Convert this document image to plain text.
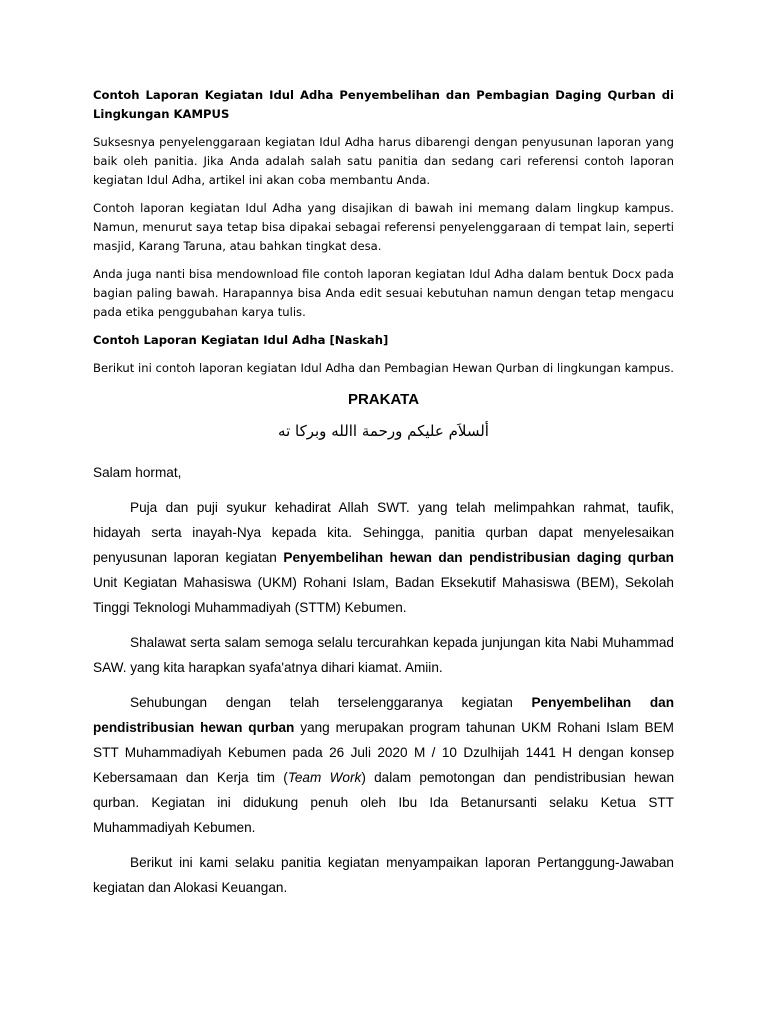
Contoh Laporan Kegiatan Idul Adha Penyembelihan dan Pembagian Daging Qurban di Lingkungan KAMPUS

Suksesnya penyelenggaraan kegiatan Idul Adha harus dibarengi dengan penyusunan laporan yang baik oleh panitia. Jika Anda adalah salah satu panitia dan sedang cari referensi contoh laporan kegiatan Idul Adha, artikel ini akan coba membantu Anda.

Contoh laporan kegiatan Idul Adha yang disajikan di bawah ini memang dalam lingkup kampus. Namun, menurut saya tetap bisa dipakai sebagai referensi penyelenggaraan di tempat lain, seperti masjid, Karang Taruna, atau bahkan tingkat desa.

Anda juga nanti bisa mendownload file contoh laporan kegiatan Idul Adha dalam bentuk Docx pada bagian paling bawah. Harapannya bisa Anda edit sesuai kebutuhan namun dengan tetap mengacu pada etika penggubahan karya tulis.

Contoh Laporan Kegiatan Idul Adha [Naskah]

Berikut ini contoh laporan kegiatan Idul Adha dan Pembagian Hewan Qurban di lingkungan kampus.

PRAKATA
ألسلاَم عليكم ورحمة االله وبركا ته

Salam hormat,

Puja dan puji syukur kehadirat Allah SWT. yang telah melimpahkan rahmat, taufik, hidayah serta inayah-Nya kepada kita. Sehingga, panitia qurban dapat menyelesaikan penyusunan laporan kegiatan Penyembelihan hewan dan pendistribusian daging qurban Unit Kegiatan Mahasiswa (UKM) Rohani Islam, Badan Eksekutif Mahasiswa (BEM), Sekolah Tinggi Teknologi Muhammadiyah (STTM) Kebumen.

Shalawat serta salam semoga selalu tercurahkan kepada junjungan kita Nabi Muhammad SAW. yang kita harapkan syafa'atnya dihari kiamat. Amiin.

Sehubungan dengan telah terselenggaranya kegiatan Penyembelihan dan pendistribusian hewan qurban yang merupakan program tahunan UKM Rohani Islam BEM STT Muhammadiyah Kebumen pada 26 Juli 2020 M / 10 Dzulhijah 1441 H dengan konsep Kebersamaan dan Kerja tim (Team Work) dalam pemotongan dan pendistribusian hewan qurban. Kegiatan ini didukung penuh oleh Ibu Ida Betanursanti selaku Ketua STT Muhammadiyah Kebumen.

Berikut ini kami selaku panitia kegiatan menyampaikan laporan Pertanggung-Jawaban kegiatan dan Alokasi Keuangan.
